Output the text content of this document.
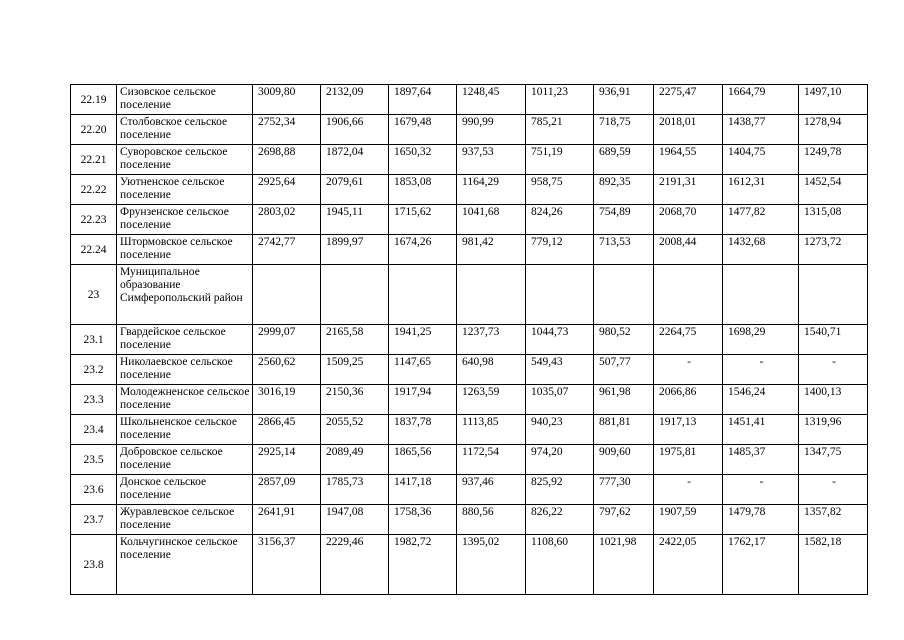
22.19	Сизовское сельское поселение	3009,80	2132,09	1897,64	1248,45	1011,23	936,91	2275,47	1664,79	1497,10
22.20	Столбовское сельское поселение	2752,34	1906,66	1679,48	990,99	785,21	718,75	2018,01	1438,77	1278,94
22.21	Суворовское сельское поселение	2698,88	1872,04	1650,32	937,53	751,19	689,59	1964,55	1404,75	1249,78
22.22	Уютненское сельское поселение	2925,64	2079,61	1853,08	1164,29	958,75	892,35	2191,31	1612,31	1452,54
22.23	Фрунзенское сельское поселение	2803,02	1945,11	1715,62	1041,68	824,26	754,89	2068,70	1477,82	1315,08
22.24	Штормовское сельское поселение	2742,77	1899,97	1674,26	981,42	779,12	713,53	2008,44	1432,68	1273,72
23	Муниципальное образование Симферопольский район									
23.1	Гвардейское сельское поселение	2999,07	2165,58	1941,25	1237,73	1044,73	980,52	2264,75	1698,29	1540,71
23.2	Николаевское сельское поселение	2560,62	1509,25	1147,65	640,98	549,43	507,77	-	-	-
23.3	Молодежненское сельское поселение	3016,19	2150,36	1917,94	1263,59	1035,07	961,98	2066,86	1546,24	1400,13
23.4	Школьненское сельское поселение	2866,45	2055,52	1837,78	1113,85	940,23	881,81	1917,13	1451,41	1319,96
23.5	Добровское сельское поселение	2925,14	2089,49	1865,56	1172,54	974,20	909,60	1975,81	1485,37	1347,75
23.6	Донское сельское поселение	2857,09	1785,73	1417,18	937,46	825,92	777,30	-	-	-
23.7	Журавлевское сельское поселение	2641,91	1947,08	1758,36	880,56	826,22	797,62	1907,59	1479,78	1357,82
23.8	Кольчугинское сельское поселение	3156,37	2229,46	1982,72	1395,02	1108,60	1021,98	2422,05	1762,17	1582,18
